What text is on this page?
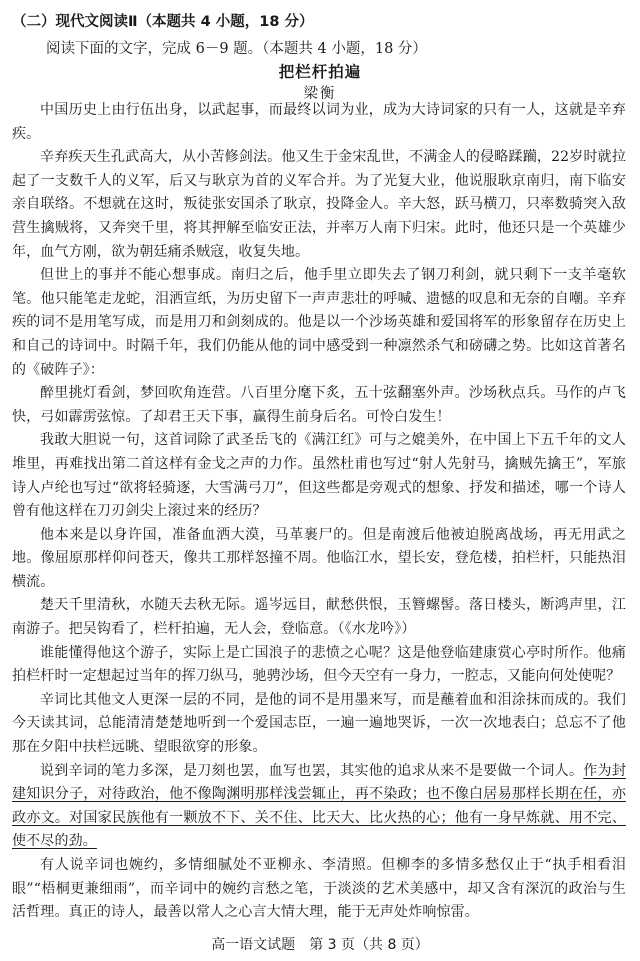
（二）现代文阅读Ⅱ（本题共 4 小题，18 分）
阅读下面的文字，完成 6－9 题。（本题共 4 小题，18 分）
把栏杆拍遍
梁衡

中国历史上由行伍出身，以武起事，而最终以词为业，成为大诗词家的只有一人，这就是辛弃疾。

辛弃疾天生孔武高大，从小苦修剑法。他又生于金宋乱世，不满金人的侵略蹂躏，22岁时就拉起了一支数千人的义军，后又与耿京为首的义军合并。为了光复大业，他说服耿京南归，南下临安亲自联络。不想就在这时，叛徒张安国杀了耿京，投降金人。辛大怒，跃马横刀，只率数骑突入敌营生擒贼将，又奔突千里，将其押解至临安正法，并率万人南下归宋。此时，他还只是一个英雄少年，血气方刚，欲为朝廷痛杀贼寇，收复失地。

但世上的事并不能心想事成。南归之后，他手里立即失去了钢刀利剑，就只剩下一支羊毫软笔。他只能笔走龙蛇，泪洒宣纸，为历史留下一声声悲壮的呼喊、遗憾的叹息和无奈的自嘲。辛弃疾的词不是用笔写成，而是用刀和剑刻成的。他是以一个沙场英雄和爱国将军的形象留存在历史上和自己的诗词中。时隔千年，我们仍能从他的词中感受到一种凛然杀气和磅礴之势。比如这首著名的《破阵子》：

醉里挑灯看剑，梦回吹角连营。八百里分麾下炙，五十弦翻塞外声。沙场秋点兵。马作的卢飞快，弓如霹雳弦惊。了却君王天下事，赢得生前身后名。可怜白发生！

我敢大胆说一句，这首词除了武圣岳飞的《满江红》可与之媲美外，在中国上下五千年的文人堆里，再难找出第二首这样有金戈之声的力作。虽然杜甫也写过“射人先射马，擒贼先擒王”，军旅诗人卢纶也写过“欲将轻骑逐，大雪满弓刀”，但这些都是旁观式的想象、抒发和描述，哪一个诗人曾有他这样在刀刃剑尖上滚过来的经历？

他本来是以身许国，准备血洒大漠，马革裹尸的。但是南渡后他被迫脱离战场，再无用武之地。像屈原那样仰问苍天，像共工那样怒撞不周。他临江水，望长安，登危楼，拍栏杆，只能热泪横流。

楚天千里清秋，水随天去秋无际。遥岑远目，献愁供恨，玉簪螺髻。落日楼头，断鸿声里，江南游子。把吴钩看了，栏杆拍遍，无人会，登临意。（《水龙吟》）

谁能懂得他这个游子，实际上是亡国浪子的悲愤之心呢？这是他登临建康赏心亭时所作。他痛拍栏杆时一定想起过当年的挥刀纵马，驰骋沙场，但今天空有一身力，一腔志，又能向何处使呢？

辛词比其他文人更深一层的不同，是他的词不是用墨来写，而是蘸着血和泪涂抹而成的。我们今天读其词，总能清清楚楚地听到一个爱国志臣，一遍一遍地哭诉，一次一次地表白；总忘不了他那在夕阳中扶栏远眺、望眼欲穿的形象。

说到辛词的笔力多深，是刀刻也罢，血写也罢，其实他的追求从来不是要做一个词人。作为封建知识分子，对待政治，他不像陶渊明那样浅尝辄止，再不染政；也不像白居易那样长期在任，亦政亦文。对国家民族他有一颗放不下、关不住、比天大、比火热的心；他有一身早炼就、用不完、使不尽的劲。

有人说辛词也婉约，多情细腻处不亚柳永、李清照。但柳李的多情多愁仅止于“执手相看泪眼”“梧桐更兼细雨”，而辛词中的婉约言愁之笔，于淡淡的艺术美感中，却又含有深沉的政治与生活哲理。真正的诗人，最善以常人之心言大情大理，能于无声处炸响惊雷。

高一语文试题　第 3 页（共 8 页）
